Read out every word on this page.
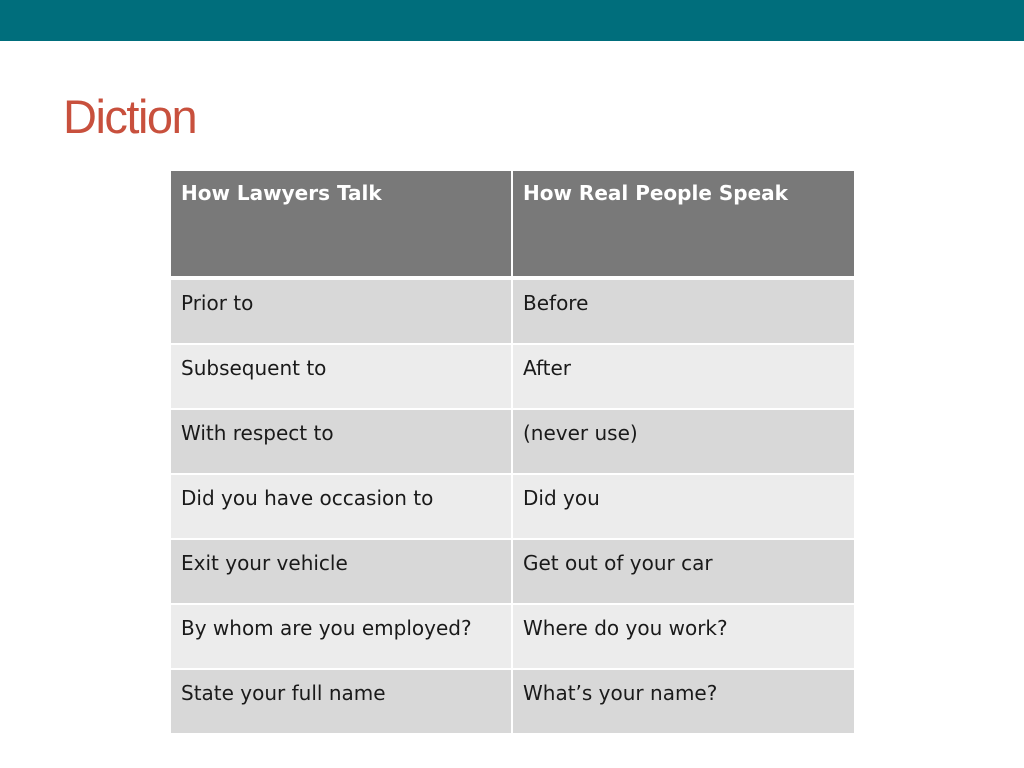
Diction
How Lawyers Talk	How Real People Speak
Prior to	Before
Subsequent to	After
With respect to	(never use)
Did you have occasion to	Did you
Exit your vehicle	Get out of your car
By whom are you employed?	Where do you work?
State your full name	What’s your name?
